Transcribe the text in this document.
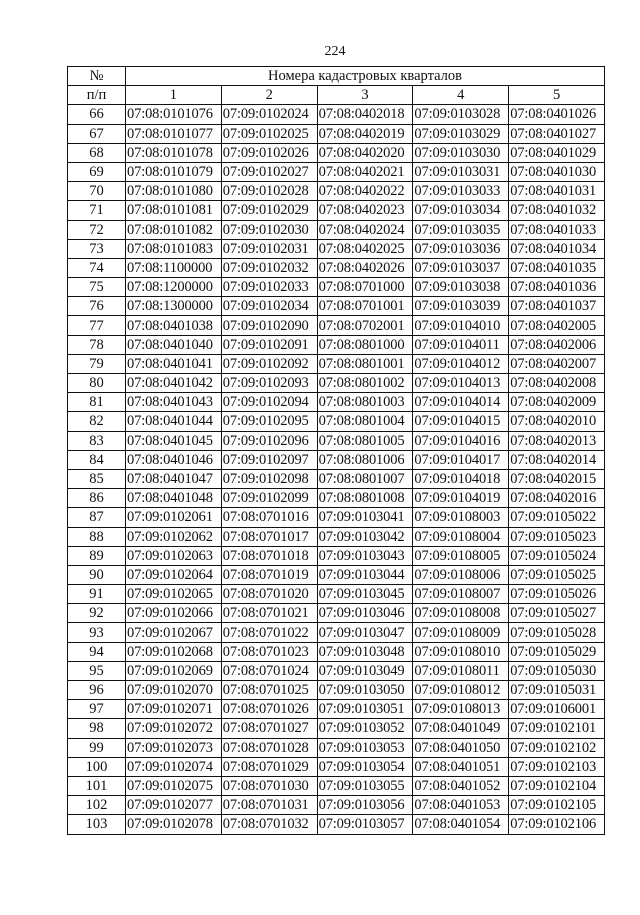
224
№	Номера кадастровых кварталов				
п/п	1	2	3	4	5
66	07:08:0101076	07:09:0102024	07:08:0402018	07:09:0103028	07:08:0401026
67	07:08:0101077	07:09:0102025	07:08:0402019	07:09:0103029	07:08:0401027
68	07:08:0101078	07:09:0102026	07:08:0402020	07:09:0103030	07:08:0401029
69	07:08:0101079	07:09:0102027	07:08:0402021	07:09:0103031	07:08:0401030
70	07:08:0101080	07:09:0102028	07:08:0402022	07:09:0103033	07:08:0401031
71	07:08:0101081	07:09:0102029	07:08:0402023	07:09:0103034	07:08:0401032
72	07:08:0101082	07:09:0102030	07:08:0402024	07:09:0103035	07:08:0401033
73	07:08:0101083	07:09:0102031	07:08:0402025	07:09:0103036	07:08:0401034
74	07:08:1100000	07:09:0102032	07:08:0402026	07:09:0103037	07:08:0401035
75	07:08:1200000	07:09:0102033	07:08:0701000	07:09:0103038	07:08:0401036
76	07:08:1300000	07:09:0102034	07:08:0701001	07:09:0103039	07:08:0401037
77	07:08:0401038	07:09:0102090	07:08:0702001	07:09:0104010	07:08:0402005
78	07:08:0401040	07:09:0102091	07:08:0801000	07:09:0104011	07:08:0402006
79	07:08:0401041	07:09:0102092	07:08:0801001	07:09:0104012	07:08:0402007
80	07:08:0401042	07:09:0102093	07:08:0801002	07:09:0104013	07:08:0402008
81	07:08:0401043	07:09:0102094	07:08:0801003	07:09:0104014	07:08:0402009
82	07:08:0401044	07:09:0102095	07:08:0801004	07:09:0104015	07:08:0402010
83	07:08:0401045	07:09:0102096	07:08:0801005	07:09:0104016	07:08:0402013
84	07:08:0401046	07:09:0102097	07:08:0801006	07:09:0104017	07:08:0402014
85	07:08:0401047	07:09:0102098	07:08:0801007	07:09:0104018	07:08:0402015
86	07:08:0401048	07:09:0102099	07:08:0801008	07:09:0104019	07:08:0402016
87	07:09:0102061	07:08:0701016	07:09:0103041	07:09:0108003	07:09:0105022
88	07:09:0102062	07:08:0701017	07:09:0103042	07:09:0108004	07:09:0105023
89	07:09:0102063	07:08:0701018	07:09:0103043	07:09:0108005	07:09:0105024
90	07:09:0102064	07:08:0701019	07:09:0103044	07:09:0108006	07:09:0105025
91	07:09:0102065	07:08:0701020	07:09:0103045	07:09:0108007	07:09:0105026
92	07:09:0102066	07:08:0701021	07:09:0103046	07:09:0108008	07:09:0105027
93	07:09:0102067	07:08:0701022	07:09:0103047	07:09:0108009	07:09:0105028
94	07:09:0102068	07:08:0701023	07:09:0103048	07:09:0108010	07:09:0105029
95	07:09:0102069	07:08:0701024	07:09:0103049	07:09:0108011	07:09:0105030
96	07:09:0102070	07:08:0701025	07:09:0103050	07:09:0108012	07:09:0105031
97	07:09:0102071	07:08:0701026	07:09:0103051	07:09:0108013	07:09:0106001
98	07:09:0102072	07:08:0701027	07:09:0103052	07:08:0401049	07:09:0102101
99	07:09:0102073	07:08:0701028	07:09:0103053	07:08:0401050	07:09:0102102
100	07:09:0102074	07:08:0701029	07:09:0103054	07:08:0401051	07:09:0102103
101	07:09:0102075	07:08:0701030	07:09:0103055	07:08:0401052	07:09:0102104
102	07:09:0102077	07:08:0701031	07:09:0103056	07:08:0401053	07:09:0102105
103	07:09:0102078	07:08:0701032	07:09:0103057	07:08:0401054	07:09:0102106
